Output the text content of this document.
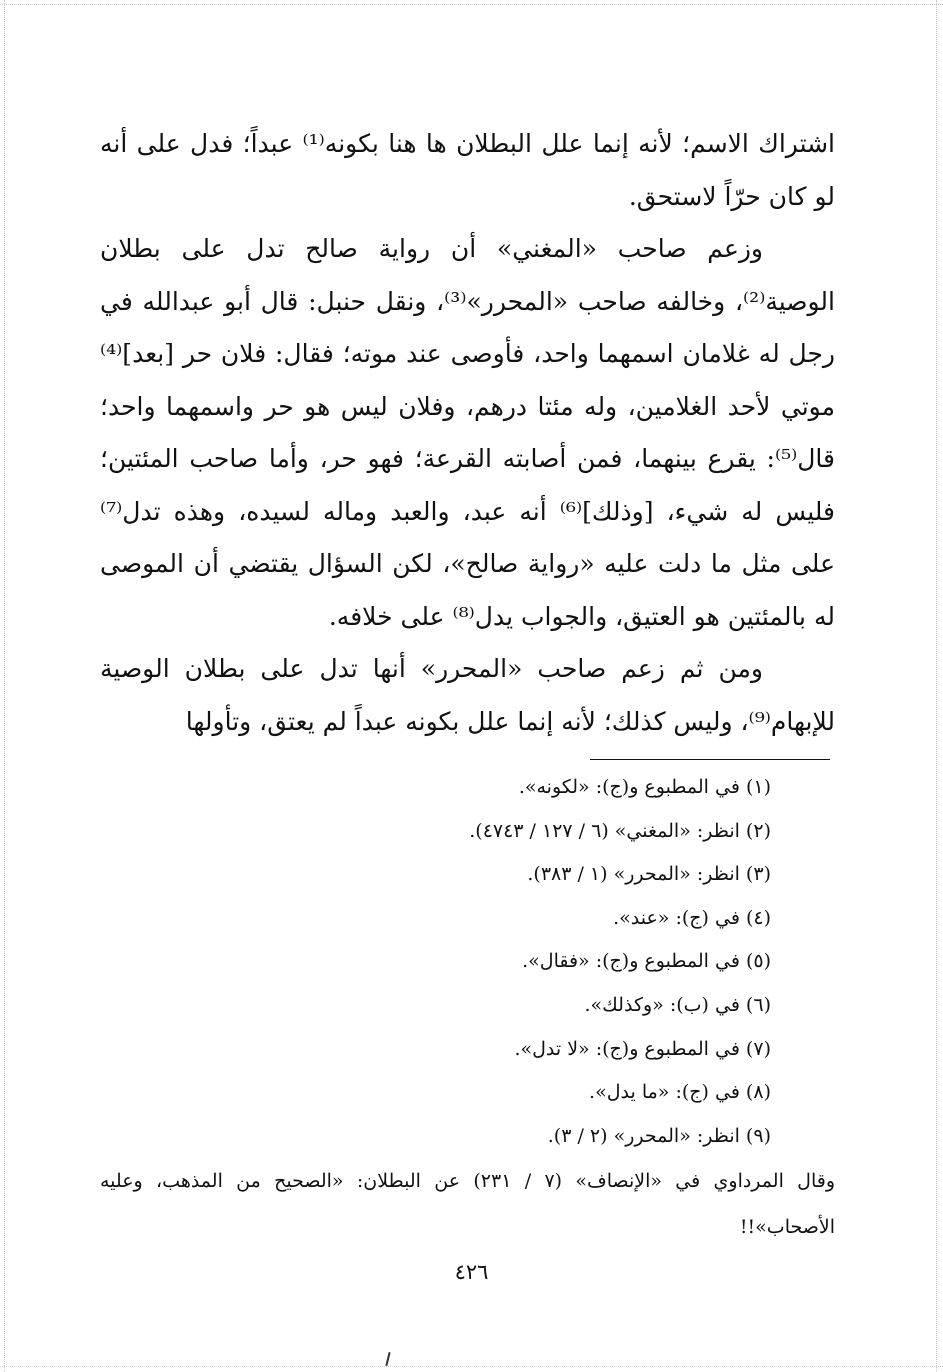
اشتراك الاسم؛ لأنه إنما علل البطلان ها هنا بكونه⁽¹⁾ عبداً؛ فدل على أنه لو كان حرّاً لاستحق.

وزعم صاحب «المغني» أن رواية صالح تدل على بطلان الوصية⁽²⁾، وخالفه صاحب «المحرر»⁽³⁾، ونقل حنبل: قال أبو عبدالله في رجل له غلامان اسمهما واحد، فأوصى عند موته؛ فقال: فلان حر [بعد]⁽⁴⁾ موتي لأحد الغلامين، وله مئتا درهم، وفلان ليس هو حر واسمهما واحد؛ قال⁽⁵⁾: يقرع بينهما، فمن أصابته القرعة؛ فهو حر، وأما صاحب المئتين؛ فليس له شيء، [وذلك]⁽⁶⁾ أنه عبد، والعبد وماله لسيده، وهذه تدل⁽⁷⁾ على مثل ما دلت عليه «رواية صالح»، لكن السؤال يقتضي أن الموصى له بالمئتين هو العتيق، والجواب يدل⁽⁸⁾ على خلافه.

ومن ثم زعم صاحب «المحرر» أنها تدل على بطلان الوصية للإبهام⁽⁹⁾، وليس كذلك؛ لأنه إنما علل بكونه عبداً لم يعتق، وتأولها

(١) في المطبوع و(ج): «لكونه».

(٢) انظر: «المغني» (٦ / ١٢٧ / ٤٧٤٣).

(٣) انظر: «المحرر» (١ / ٣٨٣).

(٤) في (ج): «عند».

(٥) في المطبوع و(ج): «فقال».

(٦) في (ب): «وكذلك».

(٧) في المطبوع و(ج): «لا تدل».

(٨) في (ج): «ما يدل».

(٩) انظر: «المحرر» (٢ / ٣).

وقال المرداوي في «الإنصاف» (٧ / ٢٣١) عن البطلان: «الصحيح من المذهب، وعليه الأصحاب»!!

٤٢٦
